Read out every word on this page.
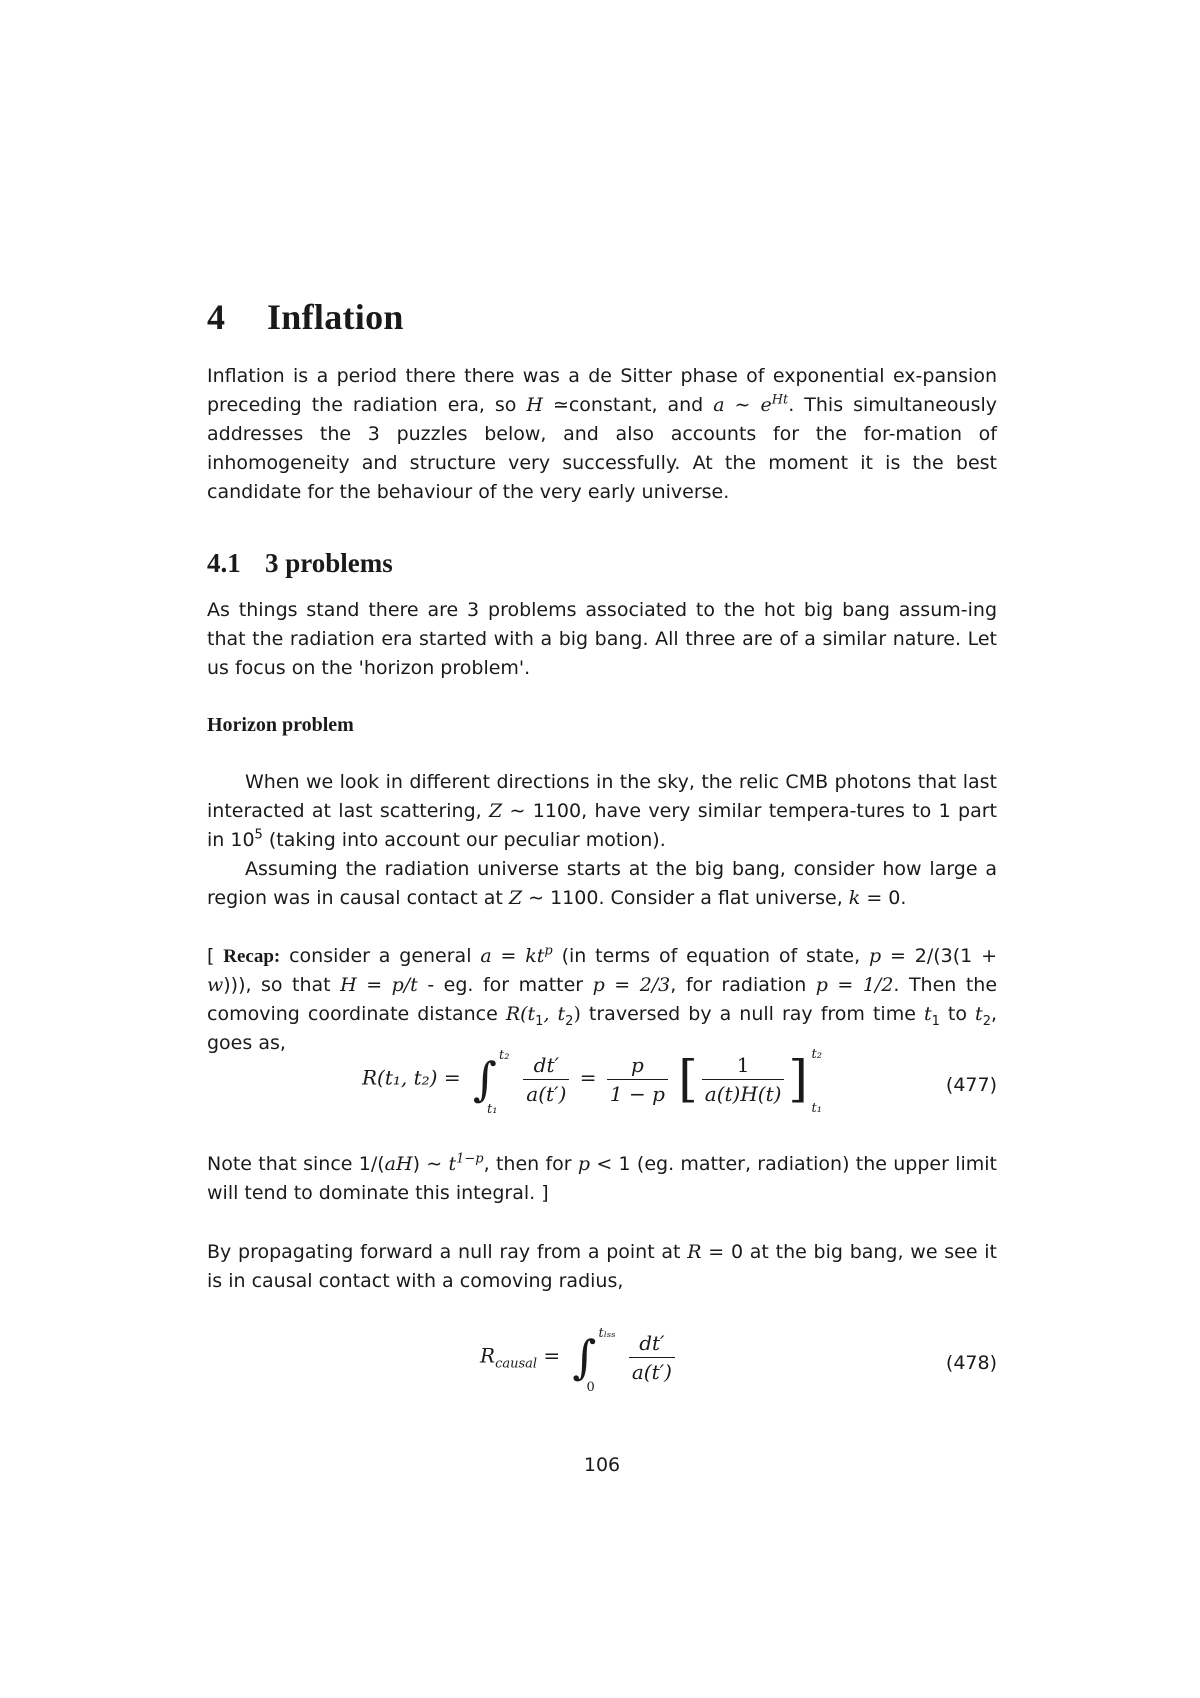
4 Inflation

Inflation is a period there there was a de Sitter phase of exponential ex-pansion preceding the radiation era, so H ≃constant, and a ∼ $e^{Ht}$. This simultaneously addresses the 3 puzzles below, and also accounts for the for-mation of inhomogeneity and structure very successfully. At the moment it is the best candidate for the behaviour of the very early universe.

4.1 3 problems

As things stand there are 3 problems associated to the hot big bang assum-ing that the radiation era started with a big bang. All three are of a similar nature. Let us focus on the 'horizon problem'.

Horizon problem

When we look in different directions in the sky, the relic CMB photons that last interacted at last scattering, Z ∼ 1100, have very similar tempera-tures to 1 part in $10^5$ (taking into account our peculiar motion).

Assuming the radiation universe starts at the big bang, consider how large a region was in causal contact at Z ∼ 1100. Consider a flat universe, k = 0.

[ Recap: consider a general $a = kt^p$ (in terms of equation of state, p = 2/(3(1 + w))), so that H = p/t - eg. for matter p = 2/3, for radiation p = 1/2. Then the comoving coordinate distance $R(t_1$, $t_2$) traversed by a null ray from time $t_1$ to $t_2$, goes as,

R(t₁, t₂) = ∫ t₂
t₁

$\frac{dt'}{a(t')} = \frac{p}{1 - p}$ [ $\frac{1}{a(t)H(t)}$ ] t₂
t₁
(477)

Note that since 1/(aH) ∼ $t^{1-p}$, then for p < 1 (eg. matter, radiation) the upper limit will tend to dominate this integral. ]

By propagating forward a null ray from a point at R = 0 at the big bang, we see it is in causal contact with a comoving radius,

$R_{causal}$ = ∫ tₗₛₛ
0

$\frac{dt'}{a(t')}$	(478)
106
